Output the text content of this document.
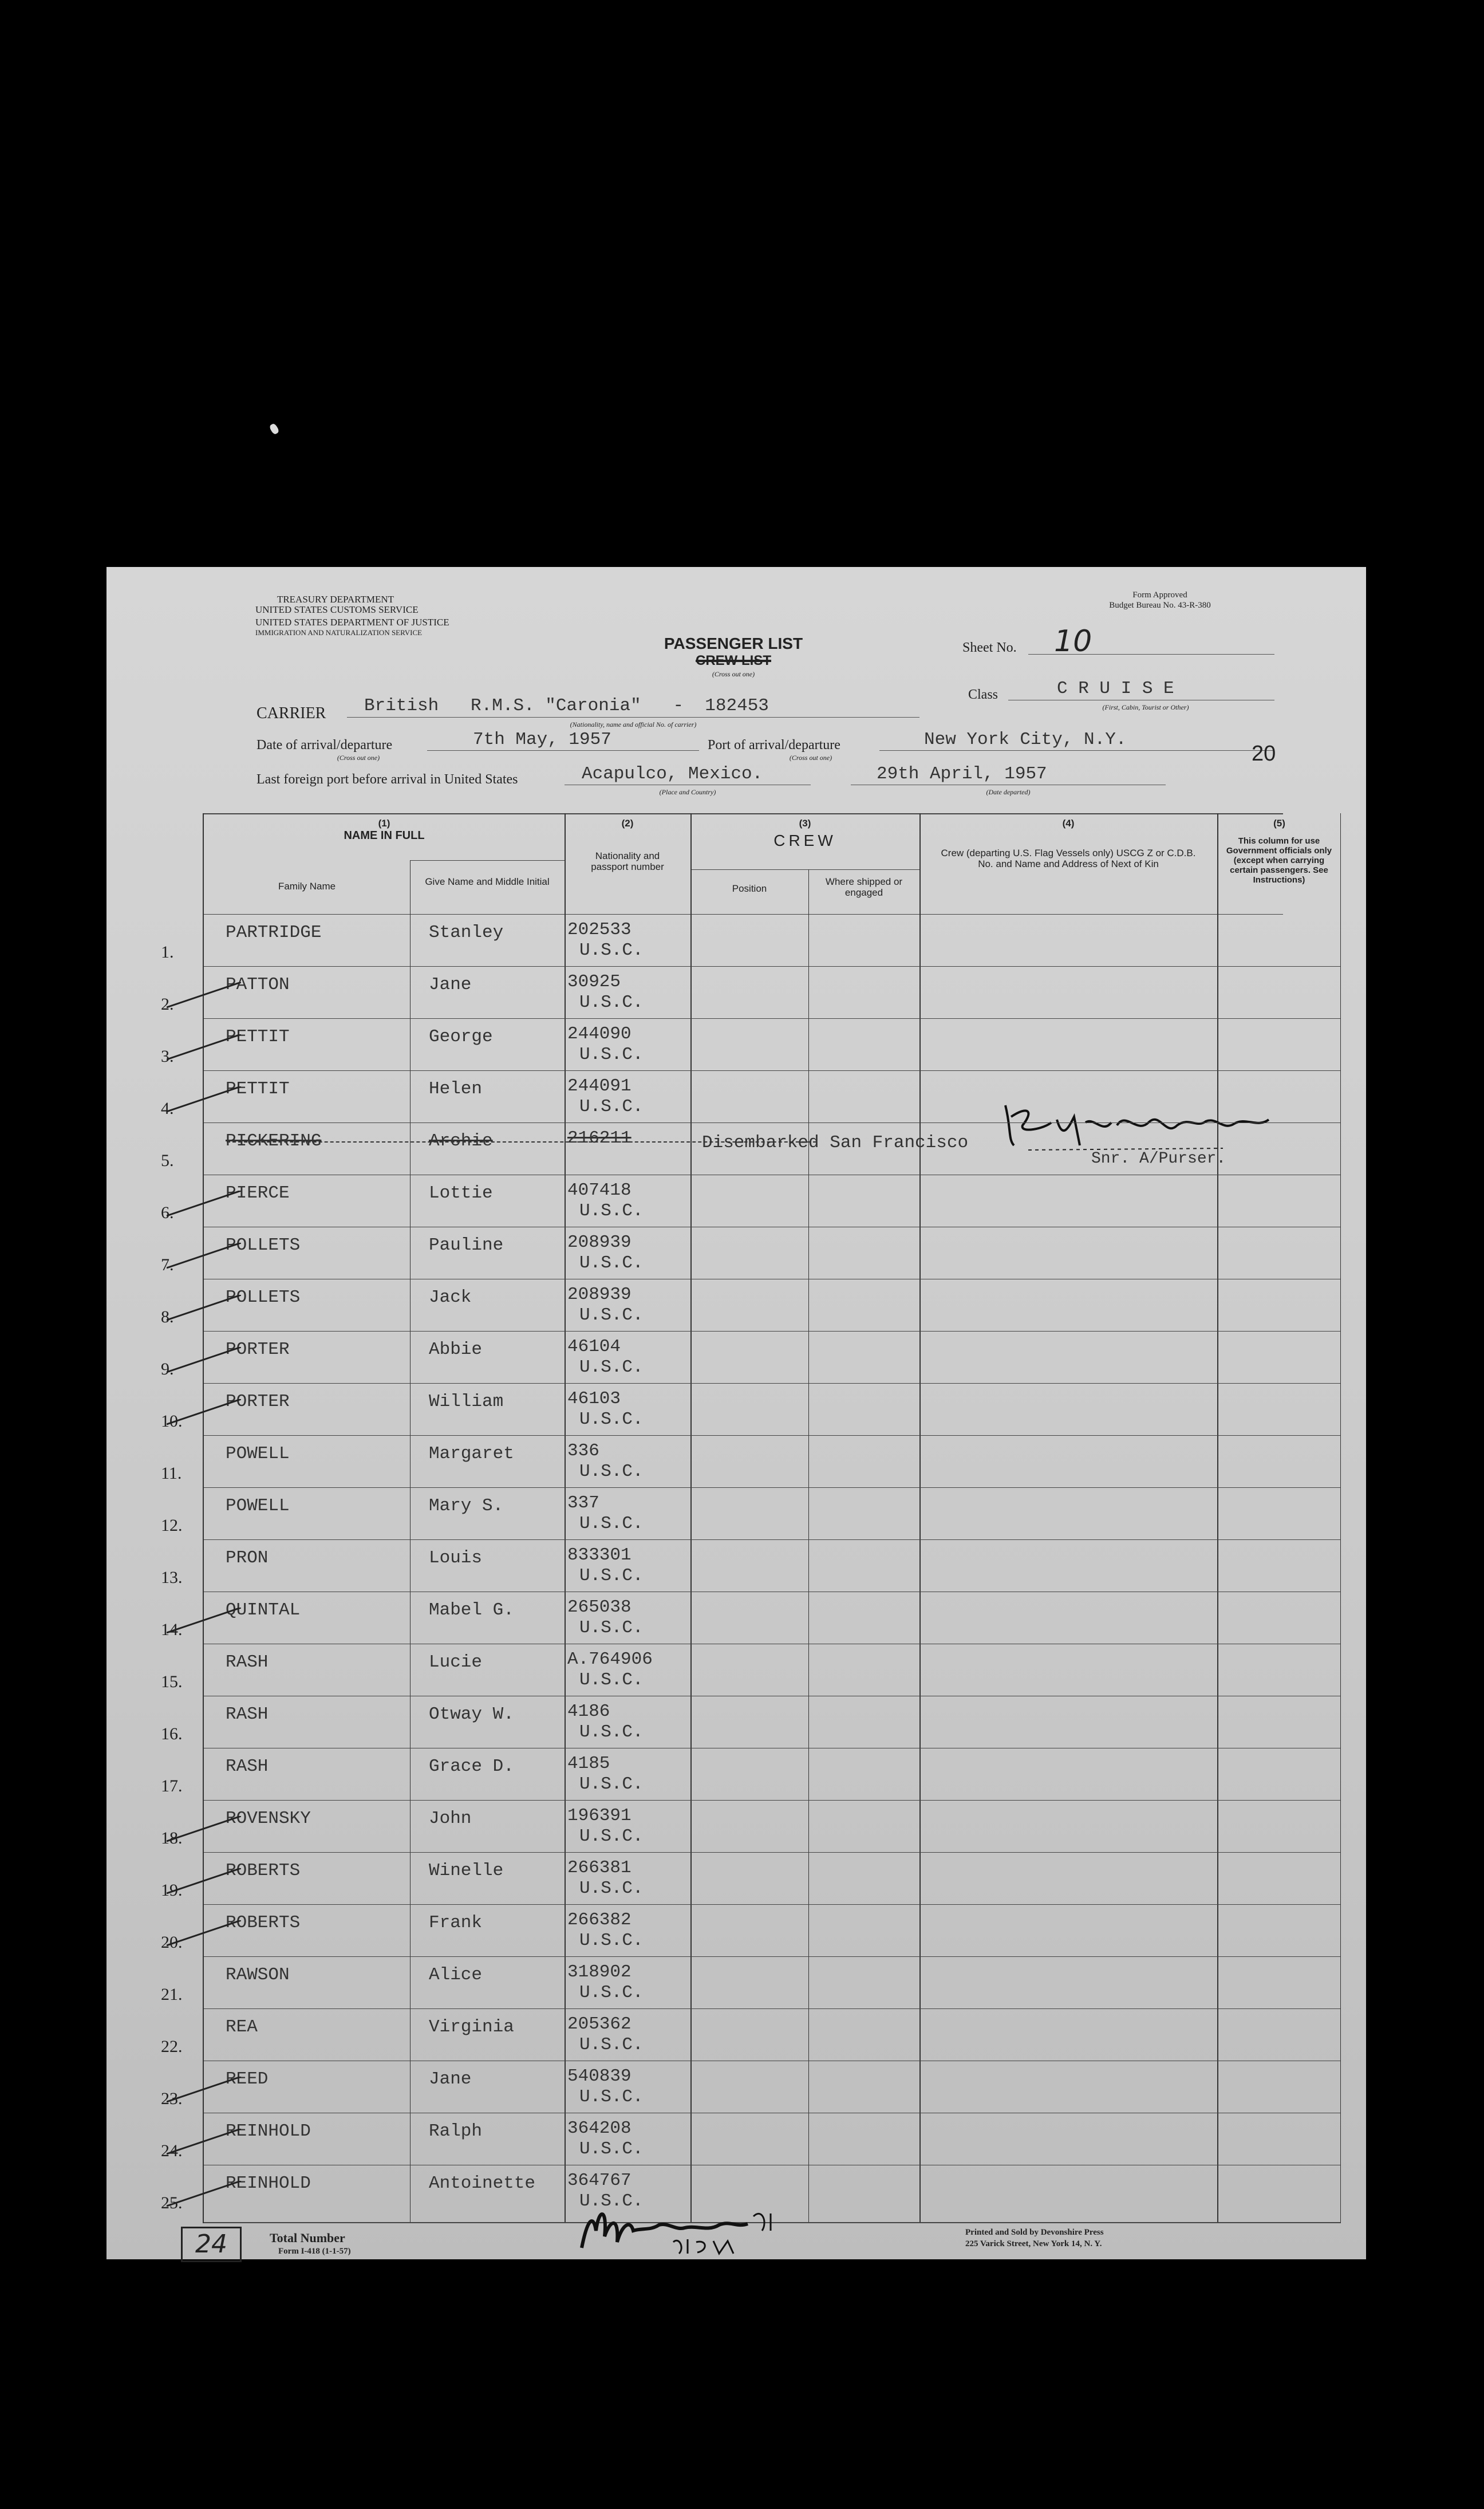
TREASURY DEPARTMENT
UNITED STATES CUSTOMS SERVICE
UNITED STATES DEPARTMENT OF JUSTICE
IMMIGRATION AND NATURALIZATION SERVICE
Form Approved
Budget Bureau No. 43-R-380
PASSENGER LIST
CREW LIST
(Cross out one)
Sheet No. 10
Class	C R U I S E
(First, Cabin, Tourist or Other)
CARRIER British   R.M.S. "Caronia"   -  182453
(Nationality, name and official No. of carrier)
Date of arrival/departure	7th May, 1957
(Cross out one)
Port of arrival/departure	New York City, N.Y.
(Cross out one)	20
Last foreign port before arrival in United States	Acapulco, Mexico.
(Place and Country)
29th April, 1957
(Date departed)
(1)
NAME IN FULL
Family Name	Give Name and Middle Initial
(2)
Nationality and passport number
(3)
CREW
Position
Where shipped or engaged
(4)
Crew (departing U.S. Flag Vessels only) USCG Z or C.D.B. No. and Name and Address of Next of Kin
(5)
This column for use Government officials only (except when carrying certain passengers. See Instructions)
1.
PARTRIDGE	Stanley	202533
U.S.C.
2.
PATTON	Jane	30925
U.S.C.
3.
PETTIT	George	244090
U.S.C.
4.
PETTIT	Helen	244091
U.S.C.
5.
PICKERING	Archie	216211	Disembarked San Francisco
Snr. A/Purser.
6.
PIERCE	Lottie	407418
U.S.C.
7.
POLLETS	Pauline	208939
U.S.C.
8.
POLLETS	Jack	208939
U.S.C.
9.
PORTER	Abbie	46104
U.S.C.
10.
PORTER	William	46103
U.S.C.
11.
POWELL	Margaret	336
U.S.C.
12.
POWELL	Mary S.	337
U.S.C.
13.
PRON	Louis	833301
U.S.C.
14.
QUINTAL	Mabel G.	265038
U.S.C.
15.
RASH	Lucie	A.764906
U.S.C.
16.
RASH	Otway W.	4186
U.S.C.
17.
RASH	Grace D.	4185
U.S.C.
18.
ROVENSKY	John	196391
U.S.C.
19.
ROBERTS	Winelle	266381
U.S.C.
20.
ROBERTS	Frank	266382
U.S.C.
21.
RAWSON	Alice	318902
U.S.C.
22.
REA	Virginia	205362
U.S.C.
23.
REED	Jane	540839
U.S.C.
24.
REINHOLD	Ralph	364208
U.S.C.
25.
REINHOLD	Antoinette 364767
U.S.C.
24	Total Number
Form I-418 (1-1-57)
Printed and Sold by Devonshire Press
225 Varick Street, New York 14, N. Y.
